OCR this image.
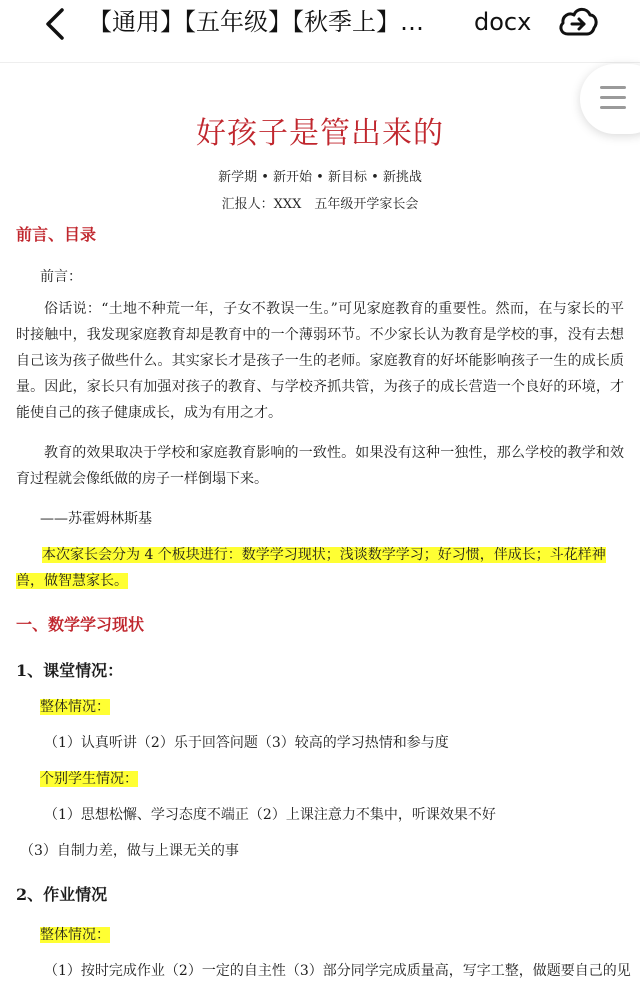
【通用】【五年级】【秋季上】…	docx
好孩子是管出来的
新学期 • 新开始 • 新目标 • 新挑战
汇报人：XXX　五年级开学家长会
前言、目录
前言：
俗话说：“土地不种荒一年，子女不教误一生。”可见家庭教育的重要性。然而，在与家长的平时接触中，我发现家庭教育却是教育中的一个薄弱环节。不少家长认为教育是学校的事，没有去想自己该为孩子做些什么。其实家长才是孩子一生的老师。家庭教育的好坏能影响孩子一生的成长质量。因此，家长只有加强对孩子的教育、与学校齐抓共管，为孩子的成长营造一个良好的环境，才能使自己的孩子健康成长，成为有用之才。
教育的效果取决于学校和家庭教育影响的一致性。如果没有这种一独性，那么学校的教学和效育过程就会像纸做的房子一样倒塌下来。
——苏霍姆林斯基
本次家长会分为 4 个板块进行：数学学习现状；浅谈数学学习；好习惯，伴成长；斗花样神兽，做智慧家长。
一、数学学习现状
1、课堂情况：
整体情况：
（1）认真听讲（2）乐于回答问题（3）较高的学习热情和参与度
个别学生情况：
（1）思想松懈、学习态度不端正（2）上课注意力不集中，听课效果不好
（3）自制力差，做与上课无关的事
2、作业情况
整体情况：
（1）按时完成作业（2）一定的自主性（3）部分同学完成质量高，写字工整，做题要自己的见
